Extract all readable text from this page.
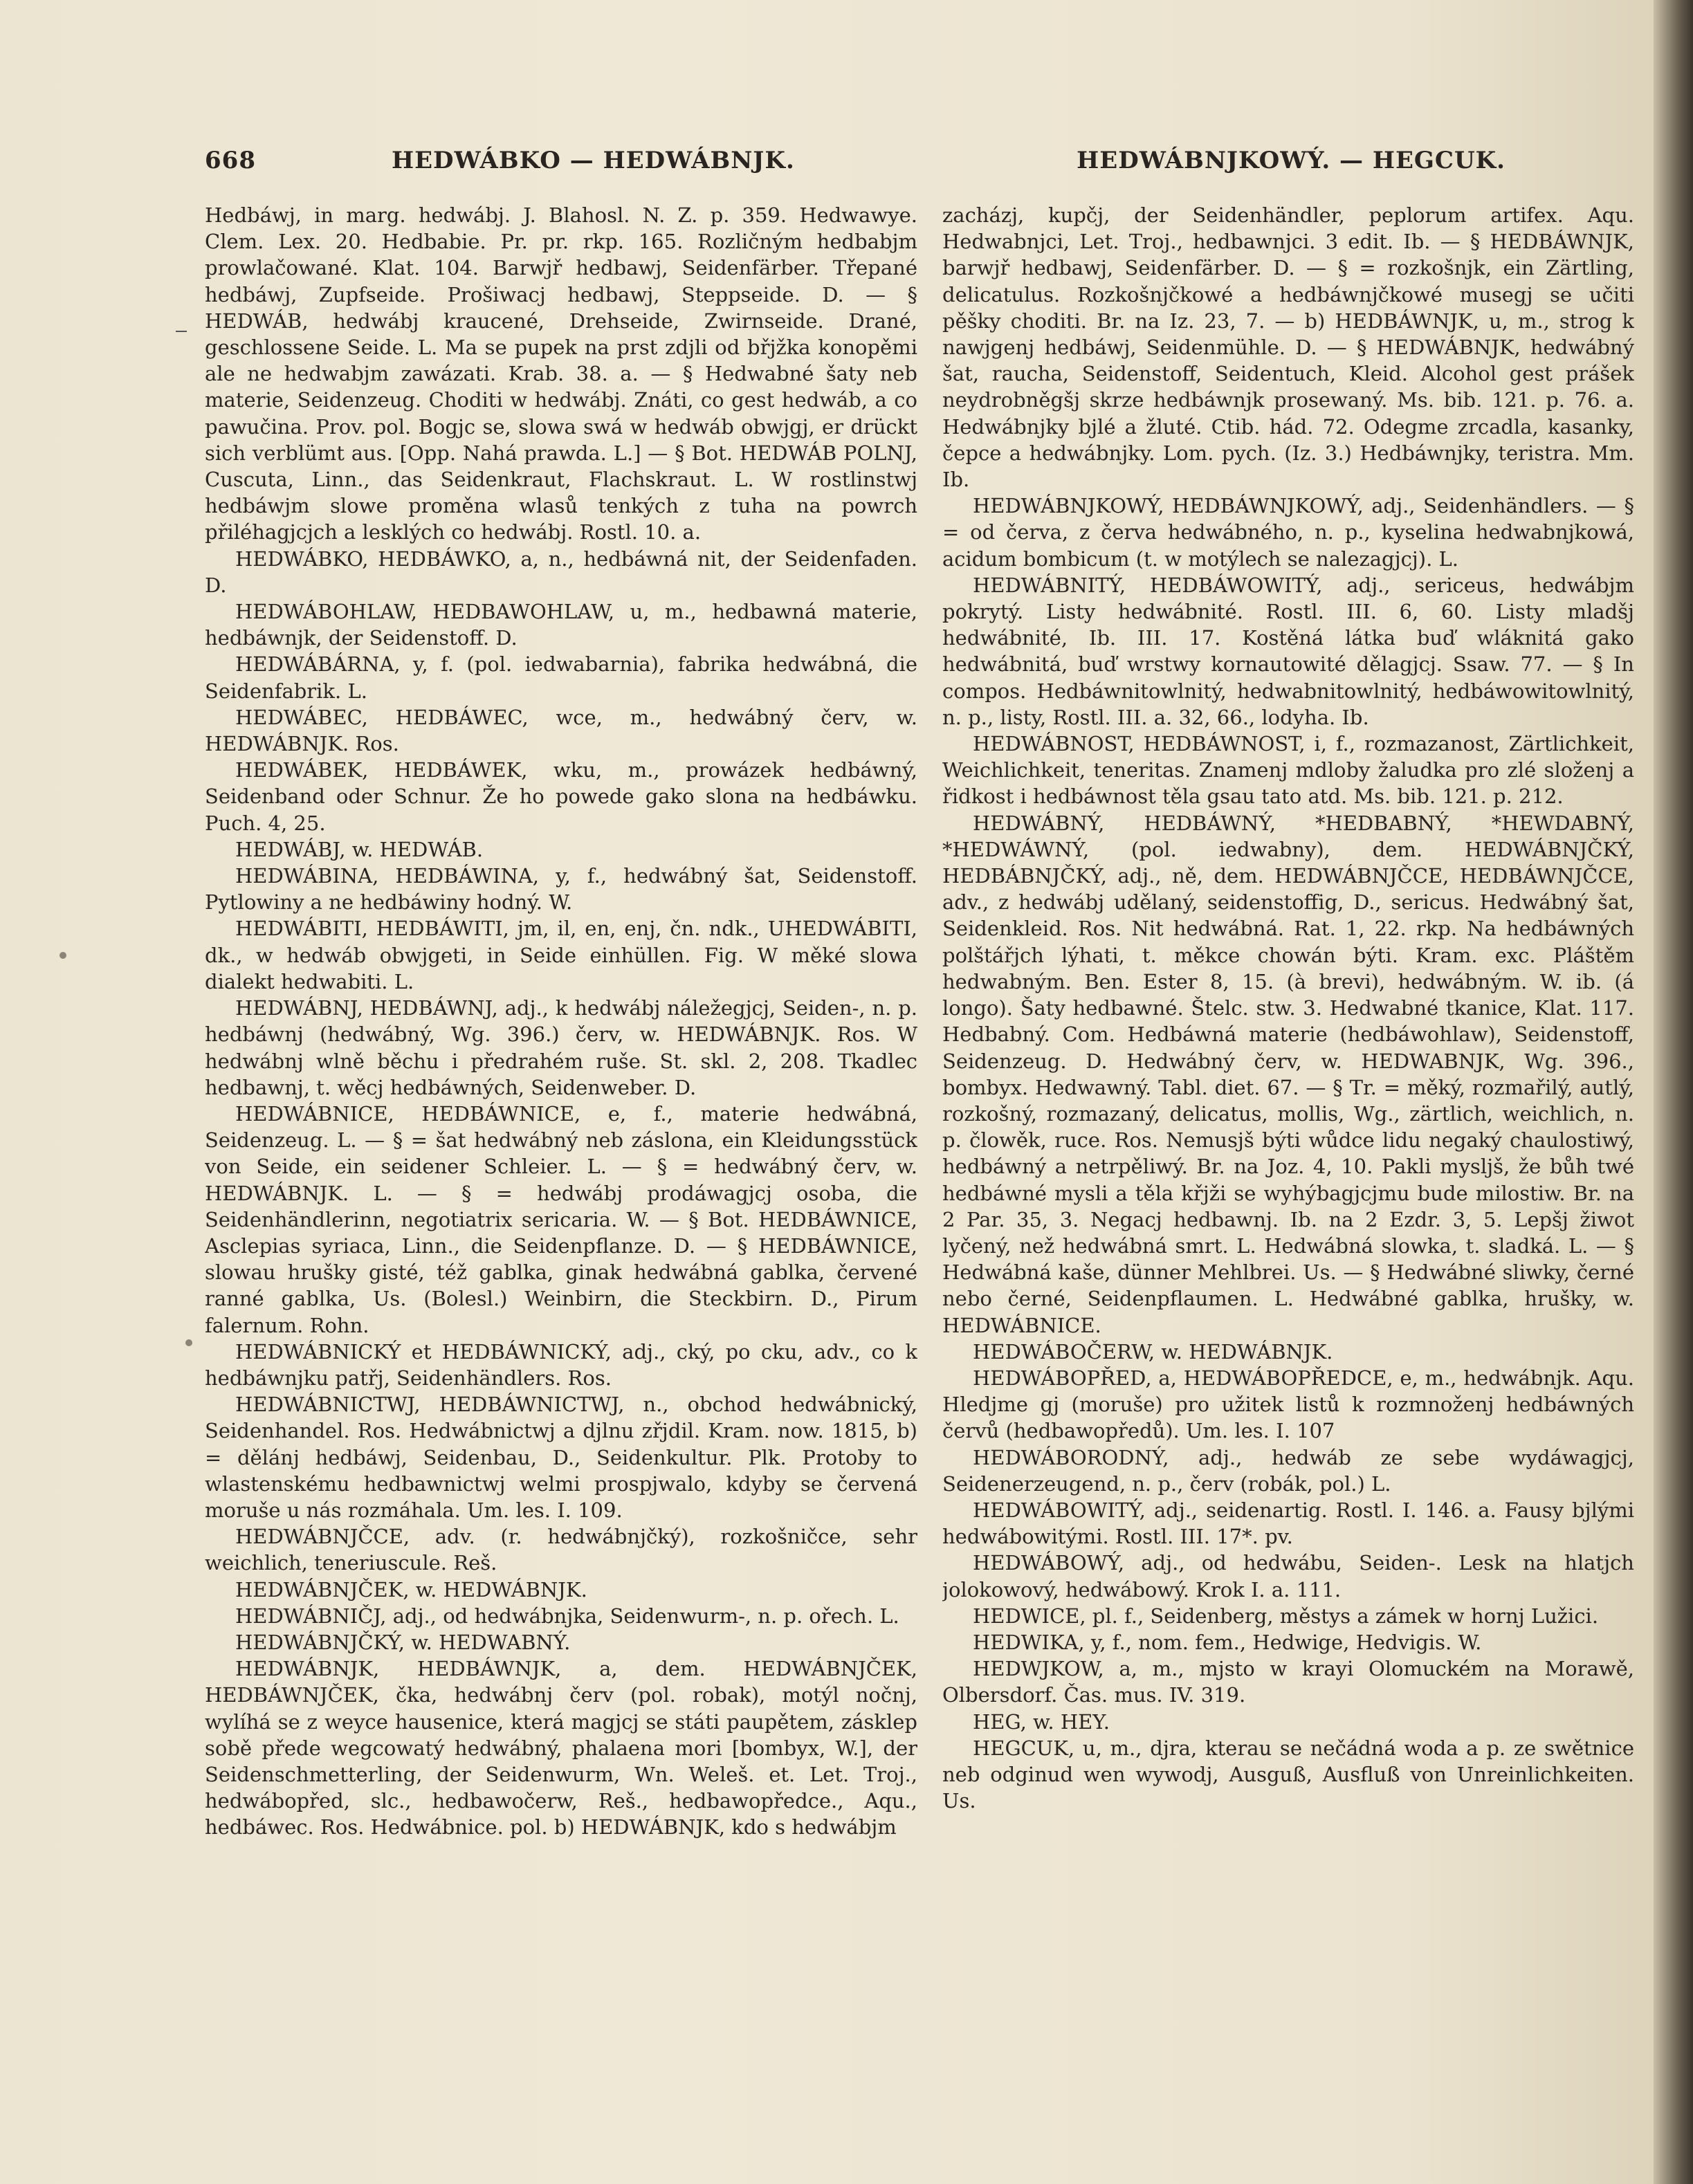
668	HEDWÁBKO — HEDWÁBNJK.	HEDWÁBNJKOWÝ. — HEGCUK.

Hedbáwj, in marg. hedwábj. J. Blahosl. N. Z. p. 359. Hedwawye. Clem. Lex. 20. Hedbabie. Pr. pr. rkp. 165. Rozličným hedbabjm prowlačowané. Klat. 104. Barwjř hedbawj, Seidenfärber. Třepané hedbáwj, Zupfseide. Prošiwacj hedbawj, Steppseide. D. — § HEDWÁB, hedwábj kraucené, Drehseide, Zwirnseide. Drané, geschlossene Seide. L. Ma se pupek na prst zdjli od břjžka konopěmi ale ne hedwabjm zawázati. Krab. 38. a. — § Hedwabné šaty neb materie, Seidenzeug. Choditi w hedwábj. Znáti, co gest hedwáb, a co pawučina. Prov. pol. Bogjc se, slowa swá w hedwáb obwjgj, er drückt sich verblümt aus. [Opp. Nahá prawda. L.] — § Bot. HEDWÁB POLNJ, Cuscuta, Linn., das Seidenkraut, Flachskraut. L. W rostlinstwj hedbáwjm slowe proměna wlasů tenkých z tuha na powrch přiléhagjcjch a lesklých co hedwábj. Rostl. 10. a.

HEDWÁBKO, HEDBÁWKO, a, n., hedbáwná nit, der Seidenfaden. D.

HEDWÁBOHLAW, HEDBAWOHLAW, u, m., hedbawná materie, hedbáwnjk, der Seidenstoff. D.

HEDWÁBÁRNA, y, f. (pol. iedwabarnia), fabrika hedwábná, die Seidenfabrik. L.

HEDWÁBEC, HEDBÁWEC, wce, m., hedwábný červ, w. HEDWÁBNJK. Ros.

HEDWÁBEK, HEDBÁWEK, wku, m., prowázek hedbáwný, Seidenband oder Schnur. Že ho powede gako slona na hedbáwku. Puch. 4, 25.

HEDWÁBJ, w. HEDWÁB.

HEDWÁBINA, HEDBÁWINA, y, f., hedwábný šat, Seidenstoff. Pytlowiny a ne hedbáwiny hodný. W.

HEDWÁBITI, HEDBÁWITI, jm, il, en, enj, čn. ndk., UHEDWÁBITI, dk., w hedwáb obwjgeti, in Seide einhüllen. Fig. W měké slowa dialekt hedwabiti. L.

HEDWÁBNJ, HEDBÁWNJ, adj., k hedwábj náležegjcj, Seiden-, n. p. hedbáwnj (hedwábný, Wg. 396.) červ, w. HEDWÁBNJK. Ros. W hedwábnj wlně běchu i předrahém ruše. St. skl. 2, 208. Tkadlec hedbawnj, t. wěcj hedbáwných, Seidenweber. D.

HEDWÁBNICE, HEDBÁWNICE, e, f., materie hedwábná, Seidenzeug. L. — § = šat hedwábný neb záslona, ein Kleidungsstück von Seide, ein seidener Schleier. L. — § = hedwábný červ, w. HEDWÁBNJK. L. — § = hedwábj prodáwagjcj osoba, die Seidenhändlerinn, negotiatrix sericaria. W. — § Bot. HEDBÁWNICE, Asclepias syriaca, Linn., die Seidenpflanze. D. — § HEDBÁWNICE, slowau hrušky gisté, též gablka, ginak hedwábná gablka, červené ranné gablka, Us. (Bolesl.) Weinbirn, die Steckbirn. D., Pirum falernum. Rohn.

HEDWÁBNICKÝ et HEDBÁWNICKÝ, adj., cký, po cku, adv., co k hedbáwnjku patřj, Seidenhändlers. Ros.

HEDWÁBNICTWJ, HEDBÁWNICTWJ, n., obchod hedwábnický, Seidenhandel. Ros. Hedwábnictwj a djlnu zřjdil. Kram. now. 1815, b) = dělánj hedbáwj, Seidenbau, D., Seidenkultur. Plk. Protoby to wlastenskému hedbawnictwj welmi prospjwalo, kdyby se červená moruše u nás rozmáhala. Um. les. I. 109.

HEDWÁBNJČCE, adv. (r. hedwábnjčký), rozkošničce, sehr weichlich, teneriuscule. Reš.

HEDWÁBNJČEK, w. HEDWÁBNJK.

HEDWÁBNIČJ, adj., od hedwábnjka, Seidenwurm-, n. p. ořech. L.

HEDWÁBNJČKÝ, w. HEDWABNÝ.

HEDWÁBNJK, HEDBÁWNJK, a, dem. HEDWÁBNJČEK, HEDBÁWNJČEK, čka, hedwábnj červ (pol. robak), motýl nočnj, wylíhá se z weyce hausenice, která magjcj se státi paupětem, zásklep sobě přede wegcowatý hedwábný, phalaena mori [bombyx, W.], der Seidenschmetterling, der Seidenwurm, Wn. Weleš. et. Let. Troj., hedwábopřed, slc., hedbawočerw, Reš., hedbawopředce., Aqu., hedbáwec. Ros. Hedwábnice. pol. b) HEDWÁBNJK, kdo s hedwábjm

zacházj, kupčj, der Seidenhändler, peplorum artifex. Aqu. Hedwabnjci, Let. Troj., hedbawnjci. 3 edit. Ib. — § HEDBÁWNJK, barwjř hedbawj, Seidenfärber. D. — § = rozkošnjk, ein Zärtling, delicatulus. Rozkošnjčkowé a hedbáwnjčkowé musegj se učiti pěšky choditi. Br. na Iz. 23, 7. — b) HEDBÁWNJK, u, m., strog k nawjgenj hedbáwj, Seidenmühle. D. — § HEDWÁBNJK, hedwábný šat, raucha, Seidenstoff, Seidentuch, Kleid. Alcohol gest prášek neydrobněgšj skrze hedbáwnjk prosewaný. Ms. bib. 121. p. 76. a. Hedwábnjky bjlé a žluté. Ctib. hád. 72. Odegme zrcadla, kasanky, čepce a hedwábnjky. Lom. pych. (Iz. 3.) Hedbáwnjky, teristra. Mm. Ib.

HEDWÁBNJKOWÝ, HEDBÁWNJKOWÝ, adj., Seidenhändlers. — § = od červa, z červa hedwábného, n. p., kyselina hedwabnjkowá, acidum bombicum (t. w motýlech se nalezagjcj). L.

HEDWÁBNITÝ, HEDBÁWOWITÝ, adj., sericeus, hedwábjm pokrytý. Listy hedwábnité. Rostl. III. 6, 60. Listy mladšj hedwábnité, Ib. III. 17. Kostěná látka buď wláknitá gako hedwábnitá, buď wrstwy kornautowité dělagjcj. Ssaw. 77. — § In compos. Hedbáwnitowlnitý, hedwabnitowlnitý, hedbáwowitowlnitý, n. p., listy, Rostl. III. a. 32, 66., lodyha. Ib.

HEDWÁBNOST, HEDBÁWNOST, i, f., rozmazanost, Zärtlichkeit, Weichlichkeit, teneritas. Znamenj mdloby žaludka pro zlé složenj a řidkost i hedbáwnost těla gsau tato atd. Ms. bib. 121. p. 212.

HEDWÁBNÝ, HEDBÁWNÝ, *HEDBABNÝ, *HEWDABNÝ, *HEDWÁWNÝ, (pol. iedwabny), dem. HEDWÁBNJČKÝ, HEDBÁBNJČKÝ, adj., ně, dem. HEDWÁBNJČCE, HEDBÁWNJČCE, adv., z hedwábj udělaný, seidenstoffig, D., sericus. Hedwábný šat, Seidenkleid. Ros. Nit hedwábná. Rat. 1, 22. rkp. Na hedbáwných polštářjch lýhati, t. měkce chowán býti. Kram. exc. Pláštěm hedwabným. Ben. Ester 8, 15. (à brevi), hedwábným. W. ib. (á longo). Šaty hedbawné. Štelc. stw. 3. Hedwabné tkanice, Klat. 117. Hedbabný. Com. Hedbáwná materie (hedbáwohlaw), Seidenstoff, Seidenzeug. D. Hedwábný červ, w. HEDWABNJK, Wg. 396., bombyx. Hedwawný. Tabl. diet. 67. — § Tr. = měký, rozmařilý, autlý, rozkošný, rozmazaný, delicatus, mollis, Wg., zärtlich, weichlich, n. p. člowěk, ruce. Ros. Nemusjš býti wůdce lidu negaký chaulostiwý, hedbáwný a netrpěliwý. Br. na Joz. 4, 10. Pakli mysljš, že bůh twé hedbáwné mysli a těla křjži se wyhýbagjcjmu bude milostiw. Br. na 2 Par. 35, 3. Negacj hedbawnj. Ib. na 2 Ezdr. 3, 5. Lepšj žiwot lyčený, než hedwábná smrt. L. Hedwábná slowka, t. sladká. L. — § Hedwábná kaše, dünner Mehlbrei. Us. — § Hedwábné sliwky, černé nebo černé, Seidenpflaumen. L. Hedwábné gablka, hrušky, w. HEDWÁBNICE.

HEDWÁBOČERW, w. HEDWÁBNJK.

HEDWÁBOPŘED, a, HEDWÁBOPŘEDCE, e, m., hedwábnjk. Aqu. Hledjme gj (moruše) pro užitek listů k rozmnoženj hedbáwných červů (hedbawopředů). Um. les. I. 107

HEDWÁBORODNÝ, adj., hedwáb ze sebe wydáwagjcj, Seidenerzeugend, n. p., červ (robák, pol.) L.

HEDWÁBOWITÝ, adj., seidenartig. Rostl. I. 146. a. Fausy bjlými hedwábowitými. Rostl. III. 17*. pv.

HEDWÁBOWÝ, adj., od hedwábu, Seiden-. Lesk na hlatjch jolokowový, hedwábowý. Krok I. a. 111.

HEDWICE, pl. f., Seidenberg, městys a zámek w hornj Lužici.

HEDWIKA, y, f., nom. fem., Hedwige, Hedvigis. W.

HEDWJKOW, a, m., mjsto w krayi Olomuckém na Morawě, Olbersdorf. Čas. mus. IV. 319.

HEG, w. HEY.

HEGCUK, u, m., djra, kterau se nečádná woda a p. ze swětnice neb odginud wen wywodj, Ausguß, Ausfluß von Unreinlichkeiten. Us.
